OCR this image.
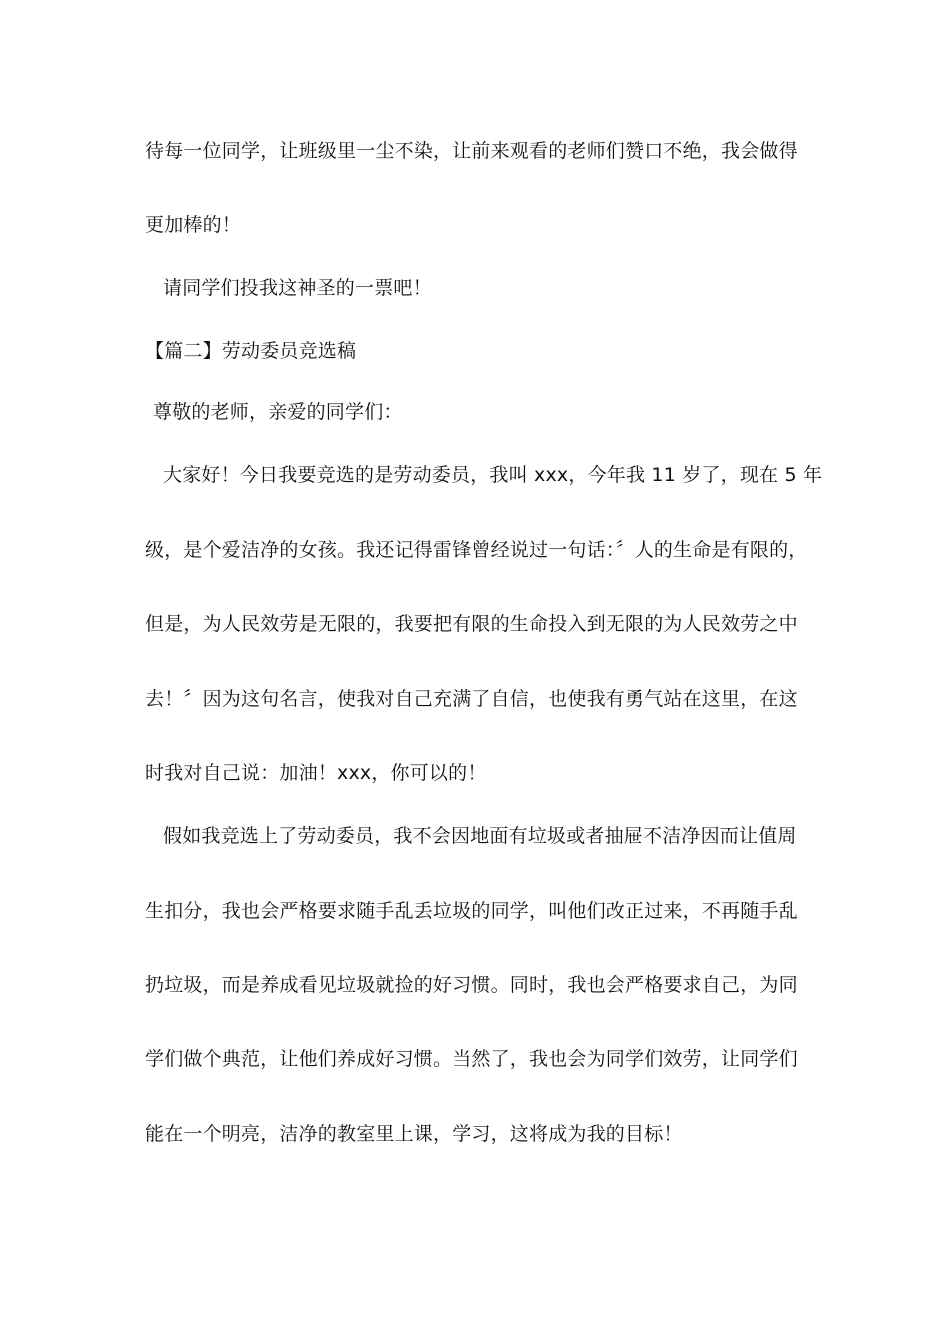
待每一位同学，让班级里一尘不染，让前来观看的老师们赞口不绝，我会做得
更加棒的！
请同学们投我这神圣的一票吧！
【篇二】劳动委员竞选稿
尊敬的老师，亲爱的同学们：
大家好！今日我要竞选的是劳动委员，我叫 xxx，今年我 11 岁了，现在 5 年
级，是个爱洁净的女孩。我还记得雷锋曾经说过一句话：〞人的生命是有限的，
但是，为人民效劳是无限的，我要把有限的生命投入到无限的为人民效劳之中
去！〞因为这句名言，使我对自己充满了自信，也使我有勇气站在这里，在这
时我对自己说：加油！xxx，你可以的！
假如我竞选上了劳动委员，我不会因地面有垃圾或者抽屉不洁净因而让值周
生扣分，我也会严格要求随手乱丢垃圾的同学，叫他们改正过来，不再随手乱
扔垃圾，而是养成看见垃圾就捡的好习惯。同时，我也会严格要求自己，为同
学们做个典范，让他们养成好习惯。当然了，我也会为同学们效劳，让同学们
能在一个明亮，洁净的教室里上课，学习，这将成为我的目标！
